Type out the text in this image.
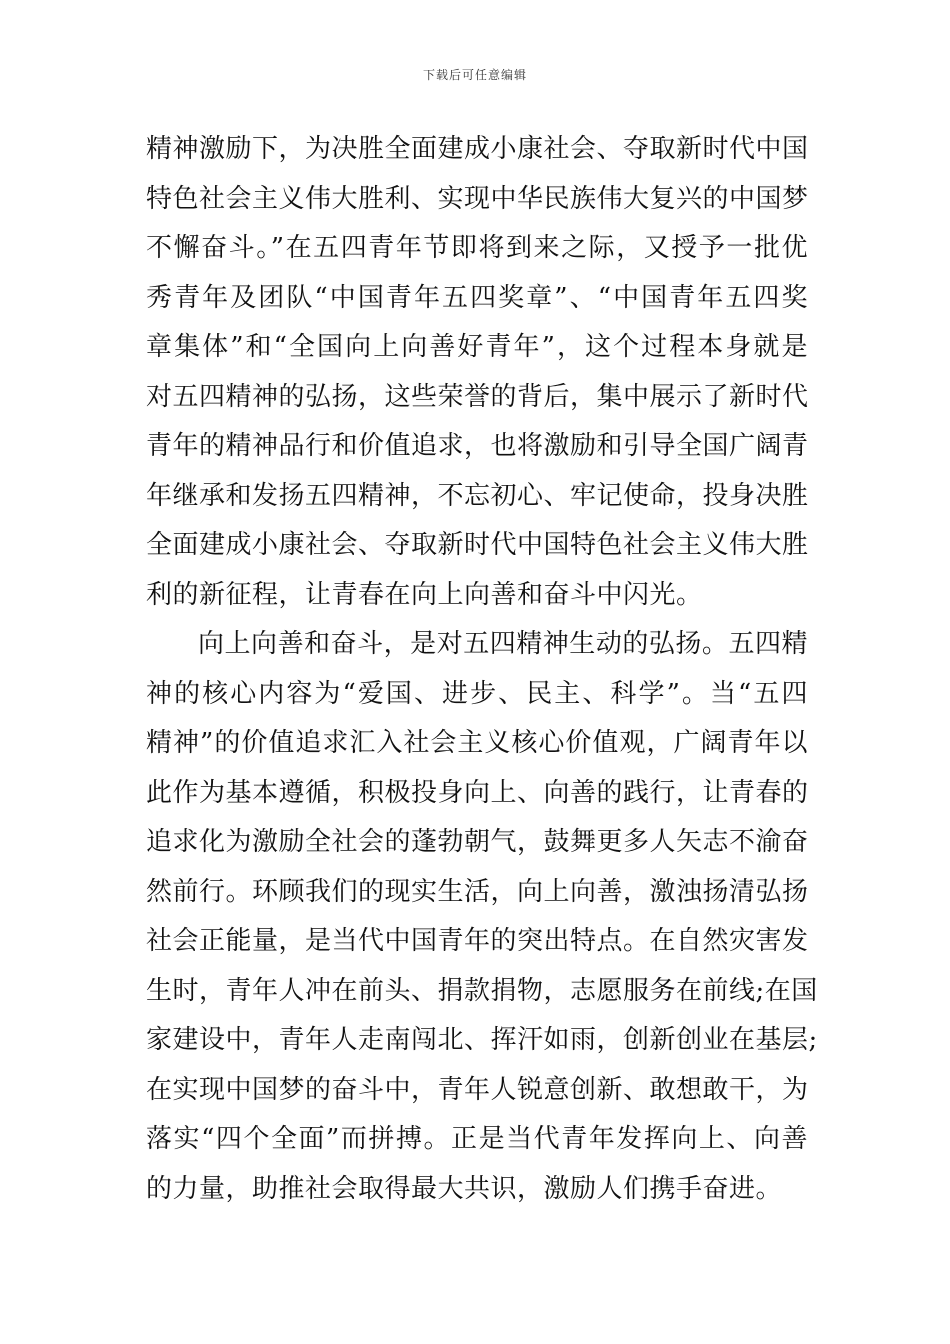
下载后可任意编辑
精神激励下，为决胜全面建成小康社会、夺取新时代中国
特色社会主义伟大胜利、实现中华民族伟大复兴的中国梦
不懈奋斗。”在五四青年节即将到来之际，又授予一批优
秀青年及团队“中国青年五四奖章”、“中国青年五四奖
章集体”和“全国向上向善好青年”，这个过程本身就是
对五四精神的弘扬，这些荣誉的背后，集中展示了新时代
青年的精神品行和价值追求，也将激励和引导全国广阔青
年继承和发扬五四精神，不忘初心、牢记使命，投身决胜
全面建成小康社会、夺取新时代中国特色社会主义伟大胜
利的新征程，让青春在向上向善和奋斗中闪光。
向上向善和奋斗，是对五四精神生动的弘扬。五四精
神的核心内容为“爱国、进步、民主、科学”。当“五四
精神”的价值追求汇入社会主义核心价值观，广阔青年以
此作为基本遵循，积极投身向上、向善的践行，让青春的
追求化为激励全社会的蓬勃朝气，鼓舞更多人矢志不渝奋
然前行。环顾我们的现实生活，向上向善，激浊扬清弘扬
社会正能量，是当代中国青年的突出特点。在自然灾害发
生时，青年人冲在前头、捐款捐物，志愿服务在前线;在国
家建设中，青年人走南闯北、挥汗如雨，创新创业在基层;
在实现中国梦的奋斗中，青年人锐意创新、敢想敢干，为
落实“四个全面”而拼搏。正是当代青年发挥向上、向善
的力量，助推社会取得最大共识，激励人们携手奋进。
